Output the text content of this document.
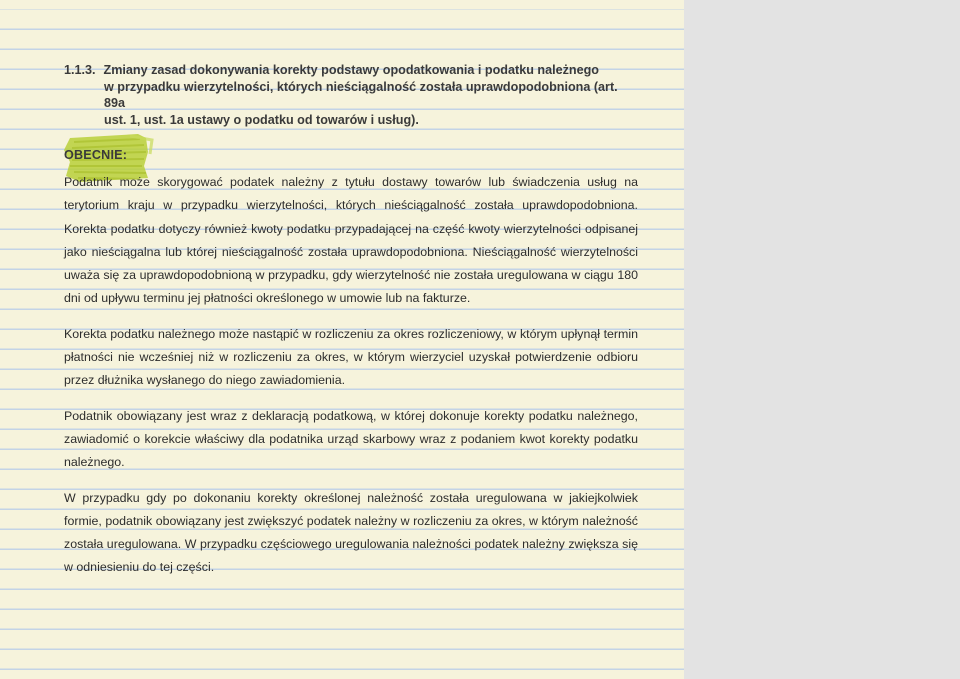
1.1.3. Zmiany zasad dokonywania korekty podstawy opodatkowania i podatku należnego
w przypadku wierzytelności, których nieściągalność została uprawdopodobniona (art. 89a
ust. 1, ust. 1a ustawy o podatku od towarów i usług).
OBECNIE:

Podatnik może skorygować podatek należny z tytułu dostawy towarów lub świadczenia usług na terytorium kraju w przypadku wierzytelności, których nieściągalność została uprawdopodobniona. Korekta podatku dotyczy również kwoty podatku przypadającej na część kwoty wierzytelności odpisanej jako nieściągalna lub której nieściągalność została uprawdopodobniona. Nieściągalność wierzytelności uważa się za uprawdopodobnioną w przypadku, gdy wierzytelność nie została uregulowana w ciągu 180 dni od upływu terminu jej płatności określonego w umowie lub na fakturze.

Korekta podatku należnego może nastąpić w rozliczeniu za okres rozliczeniowy, w którym upłynął termin płatności nie wcześniej niż w rozliczeniu za okres, w którym wierzyciel uzyskał potwierdzenie odbioru przez dłużnika wysłanego do niego zawiadomienia.

Podatnik obowiązany jest wraz z deklaracją podatkową, w której dokonuje korekty podatku należnego, zawiadomić o korekcie właściwy dla podatnika urząd skarbowy wraz z podaniem kwot korekty podatku należnego.

W przypadku gdy po dokonaniu korekty określonej należność została uregulowana w jakiejkolwiek formie, podatnik obowiązany jest zwiększyć podatek należny w rozliczeniu za okres, w którym należność została uregulowana. W przypadku częściowego uregulowania należności podatek należny zwiększa się w odniesieniu do tej części.
